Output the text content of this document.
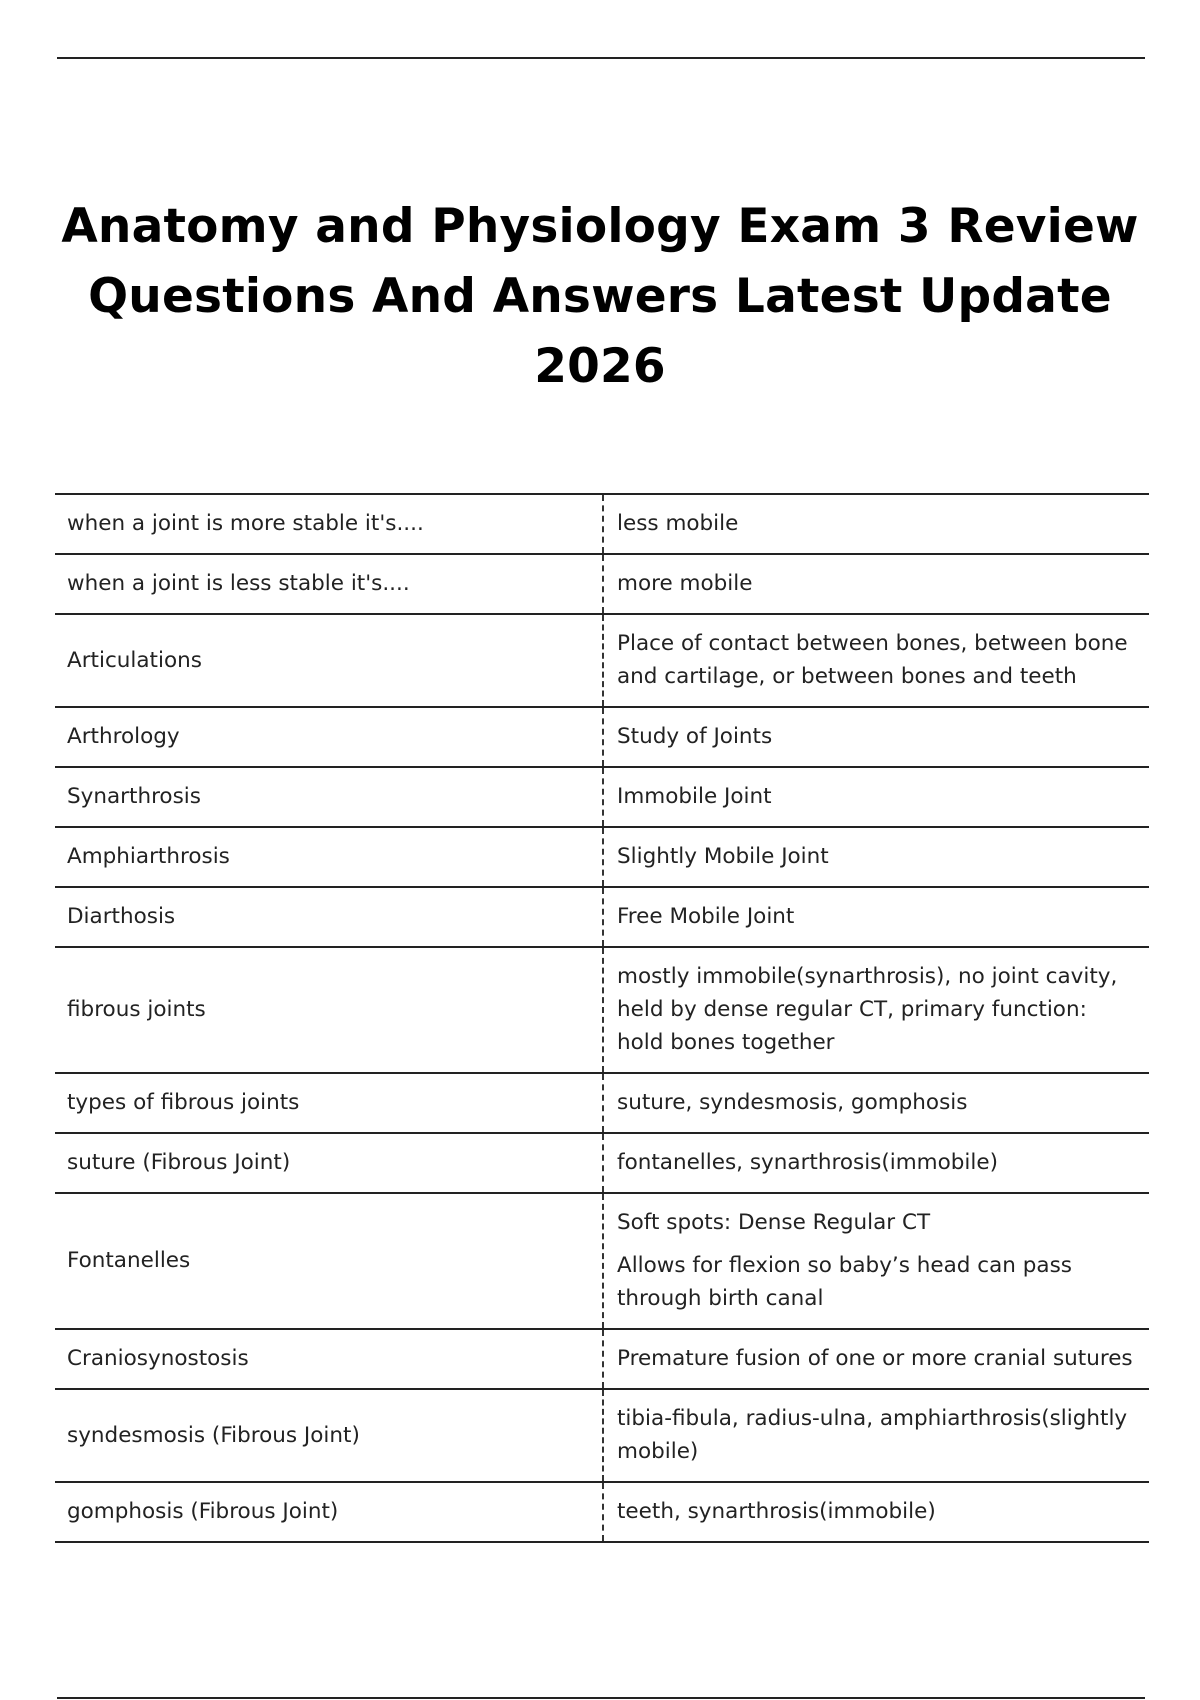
Anatomy and Physiology Exam 3 Review
Questions And Answers Latest Update
2026
when a joint is more stable it's....	less mobile

when a joint is less stable it's....	more mobile

Articulations	Place of contact between bones, between bone and cartilage, or between bones and teeth

Arthrology	Study of Joints

Synarthrosis	Immobile Joint

Amphiarthrosis	Slightly Mobile Joint

Diarthosis	Free Mobile Joint

fibrous joints	mostly immobile(synarthrosis), no joint cavity, held by dense regular CT, primary function: hold bones together

types of fibrous joints	suture, syndesmosis, gomphosis

suture (Fibrous Joint)	fontanelles, synarthrosis(immobile)

Fontanelles	Soft spots: Dense Regular CT
Allows for flexion so baby’s head can pass through birth canal

Craniosynostosis	Premature fusion of one or more cranial sutures

syndesmosis (Fibrous Joint)	tibia-fibula, radius-ulna, amphiarthrosis(slightly mobile)

gomphosis (Fibrous Joint)	teeth, synarthrosis(immobile)
